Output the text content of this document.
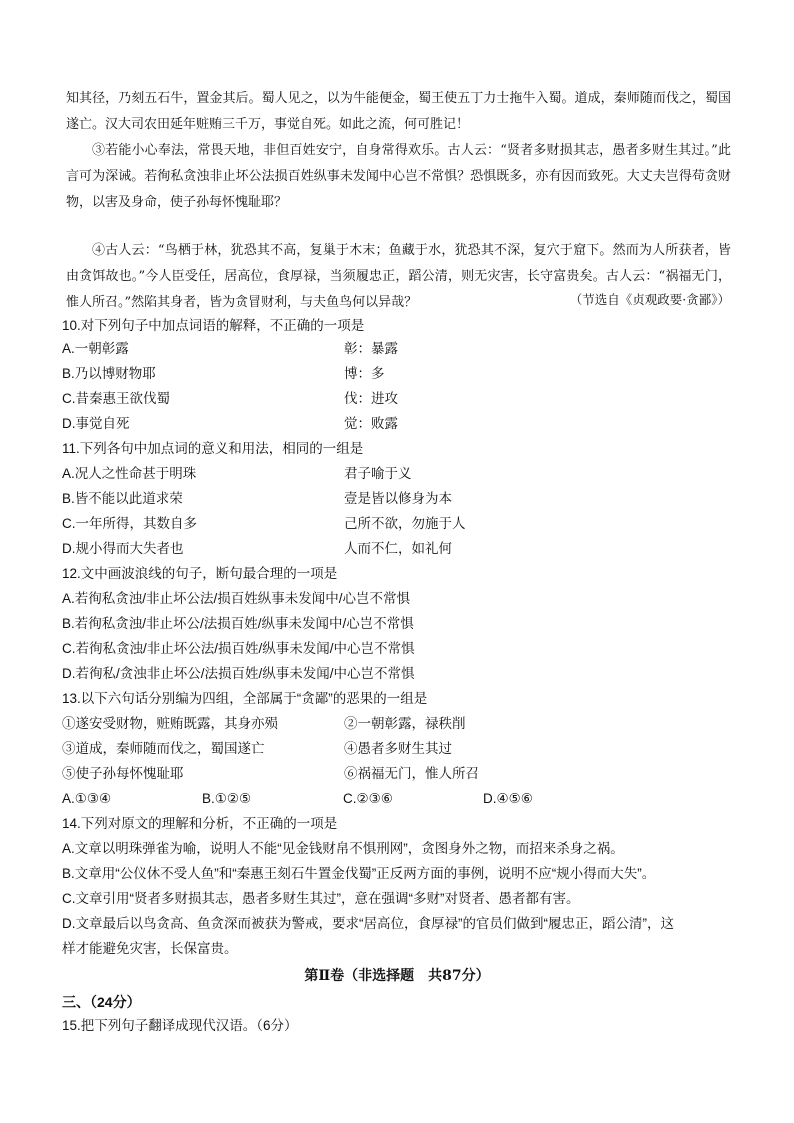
知其径，乃刻五石牛，置金其后。蜀人见之，以为牛能便金，蜀王使五丁力士拖牛入蜀。道成，秦师随而伐之，蜀国遂亡。汉大司农田延年赃贿三千万，事觉自死。如此之流，何可胜记！
③若能小心奉法，常畏天地，非但百姓安宁，自身常得欢乐。古人云：“贤者多财损其志，愚者多财生其过。”此言可为深诫。若徇私贪浊非止坏公法损百姓纵事未发闻中心岂不常惧？恐惧既多，亦有因而致死。大丈夫岂得苟贪财物，以害及身命，使子孙每怀愧耻耶？
④古人云：“鸟栖于林，犹恐其不高，复巢于木末；鱼藏于水，犹恐其不深，复穴于窟下。然而为人所获者，皆由贪饵故也。”今人臣受任，居高位，食厚禄，当须履忠正，蹈公清，则无灾害，长守富贵矣。古人云：“祸福无门，惟人所召。”然陷其身者，皆为贪冒财利，与夫鱼鸟何以异哉？	（节选自《贞观政要·贪鄙》）
10.对下列句子中加点词语的解释，不正确的一项是
A.一朝彰露	彰：暴露
B.乃以博财物耶	博：多
C.昔秦惠王欲伐蜀	伐：进攻
D.事觉自死	觉：败露
11.下列各句中加点词的意义和用法，相同的一组是
A.况人之性命甚于明珠	君子喻于义
B.皆不能以此道求荣	壹是皆以修身为本
C.一年所得，其数自多	己所不欲，勿施于人
D.规小得而大失者也	人而不仁，如礼何
12.文中画波浪线的句子，断句最合理的一项是
A.若徇私贪浊/非止坏公法/损百姓纵事未发闻中/心岂不常惧
B.若徇私贪浊/非止坏公/法损百姓/纵事未发闻中/心岂不常惧
C.若徇私贪浊/非止坏公法/损百姓/纵事未发闻/中心岂不常惧
D.若徇私/贪浊非止坏公/法损百姓/纵事未发闻/中心岂不常惧
13.以下六句话分别编为四组，全部属于“贪鄙”的恶果的一组是
①遂安受财物，赃贿既露，其身亦殒	②一朝彰露，禄秩削
③道成，秦师随而伐之，蜀国遂亡	④愚者多财生其过
⑤使子孙每怀愧耻耶	⑥祸福无门，惟人所召
A.①③④	B.①②⑤	C.②③⑥	D.④⑤⑥
14.下列对原文的理解和分析，不正确的一项是
A.文章以明珠弹雀为喻，说明人不能“见金钱财帛不惧刑网”，贪图身外之物，而招来杀身之祸。
B.文章用“公仪休不受人鱼”和“秦惠王刻石牛置金伐蜀”正反两方面的事例，说明不应“规小得而大失”。
C.文章引用“贤者多财损其志，愚者多财生其过”，意在强调“多财”对贤者、愚者都有害。
D.文章最后以鸟贪高、鱼贪深而被获为警戒，要求“居高位，食厚禄”的官员们做到“履忠正，蹈公清”，这
样才能避免灾害，长保富贵。
第Ⅱ卷（非选择题　共87分）
三、（24分）
15.把下列句子翻译成现代汉语。（6分）
